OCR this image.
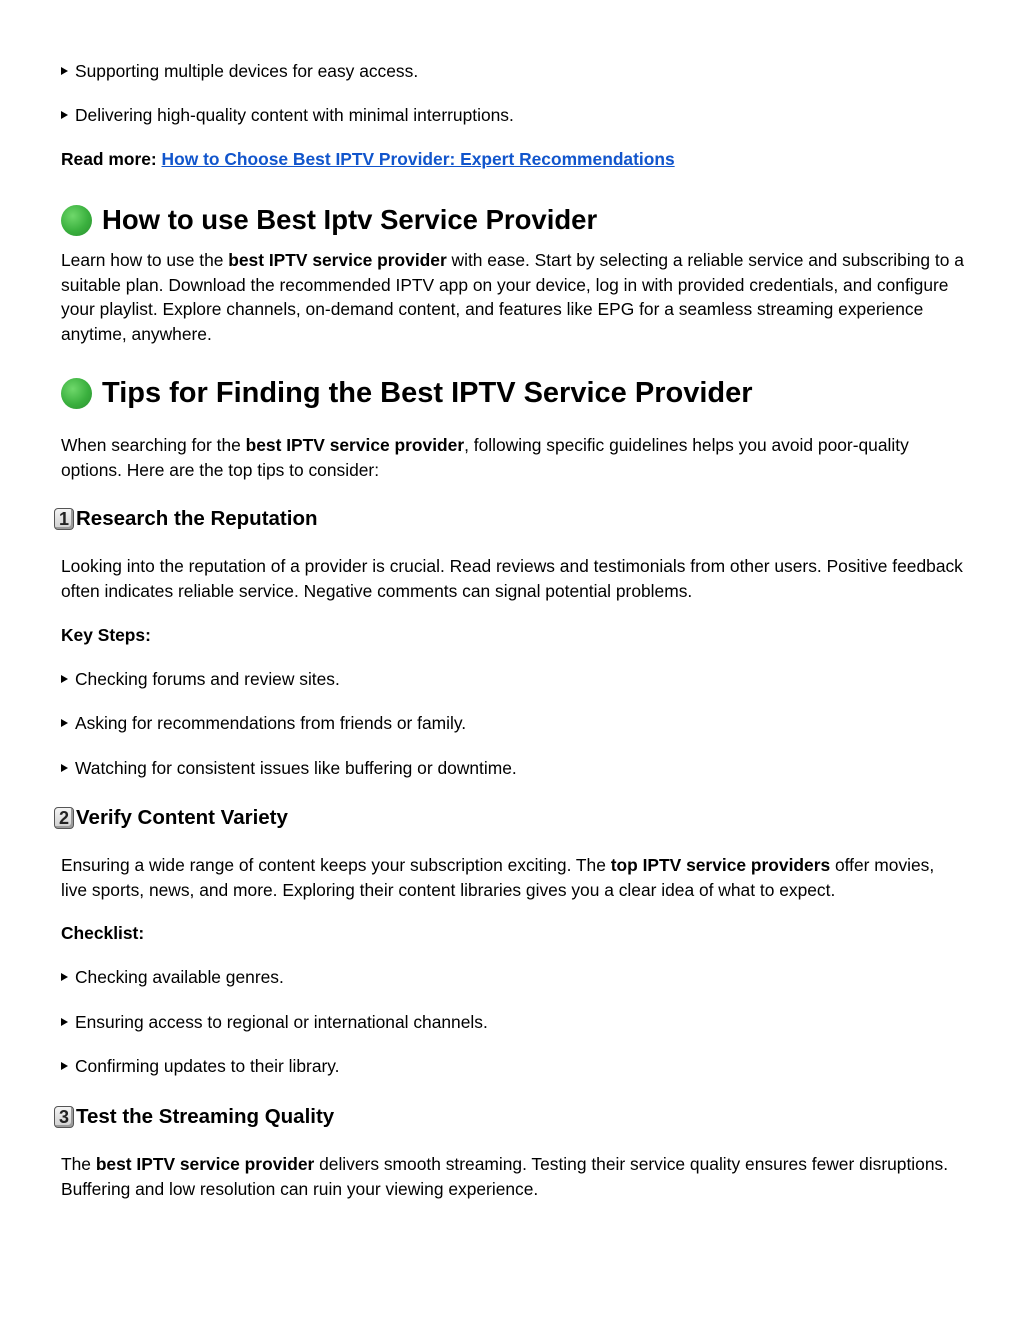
Supporting multiple devices for easy access.
Delivering high-quality content with minimal interruptions.
Read more:
How to Choose Best IPTV Provider: Expert Recommendations
How to use Best Iptv Service Provider
Learn how to use the best IPTV service provider with ease. Start by selecting a reliable service and subscribing to a suitable plan. Download the recommended IPTV app on your device, log in with provided credentials, and configure your playlist. Explore channels, on-demand content, and features like EPG for a seamless streaming experience anytime, anywhere.
Tips for Finding the Best IPTV Service Provider
When searching for the best IPTV service provider, following specific guidelines helps you avoid poor-quality options. Here are the top tips to consider:
1 Research the Reputation
Looking into the reputation of a provider is crucial. Read reviews and testimonials from other users. Positive feedback often indicates reliable service. Negative comments can signal potential problems.
Key Steps:
Checking forums and review sites.
Asking for recommendations from friends or family.
Watching for consistent issues like buffering or downtime.
2 Verify Content Variety
Ensuring a wide range of content keeps your subscription exciting. The top IPTV service providers offer movies, live sports, news, and more. Exploring their content libraries gives you a clear idea of what to expect.
Checklist:
Checking available genres.
Ensuring access to regional or international channels.
Confirming updates to their library.
3 Test the Streaming Quality
The best IPTV service provider delivers smooth streaming. Testing their service quality ensures fewer disruptions. Buffering and low resolution can ruin your viewing experience.
